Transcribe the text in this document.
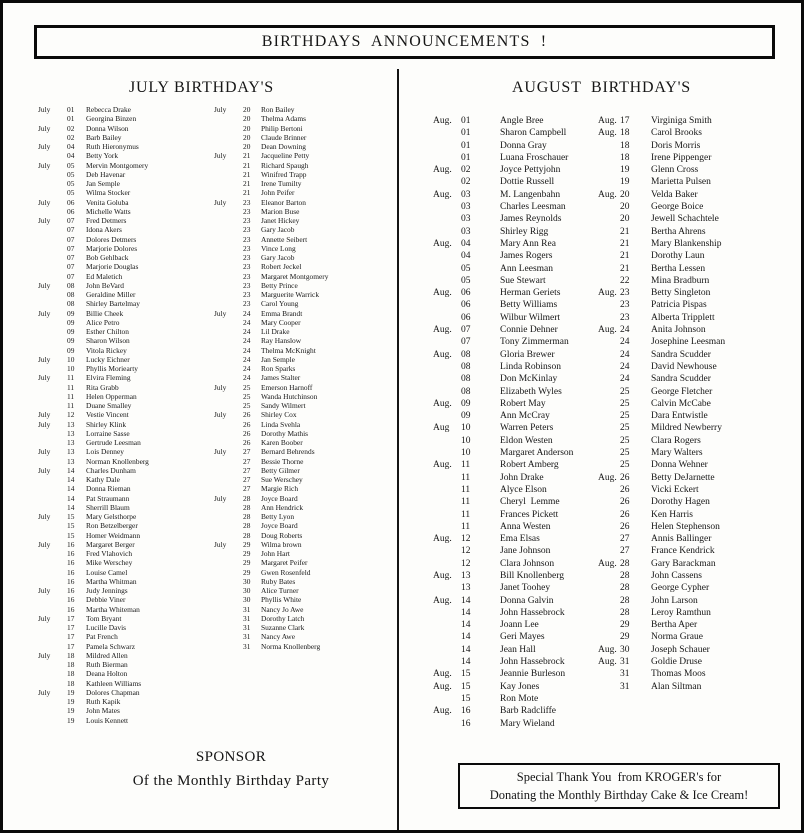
BIRTHDAYS ANNOUNCEMENTS !
JULY BIRTHDAY'S
July	01	Rebecca Drake
01	Georgina Binzen
July	02	Donna Wilson
02	Barb Bailey
July	04	Ruth Hieronymus
04	Betty York
July	05	Mervin Montgomery
05	Deb Havenar
05	Jan Semple
05	Wilma Stocker
July	06	Venita Goluba
06	Michelle Watts
July	07	Fred Detmers
07	Idona Akers
07	Dolores Detmers
07	Marjorie Dolores
07	Bob Gehlback
07	Marjorie Douglas
07	Ed Maletich
July	08	John BeVard
08	Geraldine Miller
08	Shirley Bartelmay
July	09	Billie Cheek
09	Alice Petro
09	Esther Chilton
09	Sharon Wilson
09	Vitola Rickey
July	10	Lucky Eichner
10	Phyllis Moriearty
July	11	Elvira Fleming
11	Rita Grabb
11	Helen Opperman
11	Duane Smalley
July	12	Vestie Vincent
July	13	Shirley Klink
13	Lorraine Sasse
13	Gertrude Leesman
July	13	Lois Denney
13	Norman Knollenberg
July	14	Charles Dunham
14	Kathy Dale
14	Donna Rieman
14	Pat Straumann
14	Sherrill Blaum
July	15	Mary Gelsthorpe
15	Ron Betzelberger
15	Homer Weidmann
July	16	Margaret Berger
16	Fred Vlahovich
16	Mike Werschey
16	Louise Camel
16	Martha Whitman
July	16	Judy Jennings
16	Debbie Viner
16	Martha Whiteman
July	17	Tom Bryant
17	Lucille Davis
17	Pat French
17	Pamela Schwarz
July	18	Mildred Allen
18	Ruth Bierman
18	Deana Holton
18	Kathleen Williams
July	19	Dolores Chapman
19	Ruth Kapik
19	John Mates
19	Louis Kennett
July	20	Ron Bailey
20	Thelma Adams
20	Philip Bertoni
20	Claude Brinner
20	Dean Downing
July	21	Jacqueline Petty
21	Richard Spaugh
21	Winifred Trapp
21	Irene Tumilty
21	John Peifer
July	23	Eleanor Barton
23	Marion Buse
23	Janet Hickey
23	Gary Jacob
23	Annette Seibert
23	Vince Long
23	Gary Jacob
23	Robert Jeckel
23	Margaret Montgomery
23	Betty Prince
23	Marguerite Warrick
23	Carol Young
July	24	Emma Brandt
24	Mary Cooper
24	Lil Drake
24	Ray Hanslow
24	Thelma McKnight
24	Jan Semple
24	Ron Sparks
24	James Stalter
July	25	Emerson Harnoff
25	Wanda Hutchinson
25	Sandy Wilmert
July	26	Shirley Cox
26	Linda Svehla
26	Dorothy Mathis
26	Karen Boober
July	27	Bernard Behrends
27	Bessie Thorne
27	Betty Gilmer
27	Sue Werschey
27	Margie Rich
July	28	Joyce Board
28	Ann Hendrick
28	Betty Lyon
28	Joyce Board
28	Doug Roberts
July	29	Wilma brown
29	John Hart
29	Margaret Peifer
29	Gwen Rosenfeld
30	Ruby Bates
30	Alice Turner
30	Phyllis White
31	Nancy Jo Awe
31	Dorothy Latch
31	Suzanne Clark
31	Nancy Awe
31	Norma Knollenberg
SPONSOR
Of the Monthly Birthday Party
AUGUST  BIRTHDAY'S
Aug. 01	Angle Bree
01	Sharon Campbell
01	Donna Gray
01	Luana Froschauer
Aug. 02	Joyce Pettyjohn
02	Dottie Russell
Aug. 03	M. Langenbahn
03	Charles Leesman
03	James Reynolds
03	Shirley Rigg
Aug. 04	Mary Ann Rea
04	James Rogers
05	Ann Leesman
05	Sue Stewart
Aug. 06	Herman Geriets
06	Betty Williams
06	Wilbur Wilmert
Aug. 07	Connie Dehner
07	Tony Zimmerman
Aug. 08	Gloria Brewer
08	Linda Robinson
08	Don McKinlay
08	Elizabeth Wyles
Aug. 09	Robert May
09	Ann McCray
Aug	10	Warren Peters
10	Eldon Westen
10	Margaret Anderson
Aug. 11	Robert Amberg
11	John Drake
11	Alyce Elson
11	Cheryl  Lemme
11	Frances Pickett
11	Anna Westen
Aug. 12	Ema Elsas
12	Jane Johnson
12	Clara Johnson
Aug. 13	Bill Knollenberg
13	Janet Toohey
Aug. 14	Donna Galvin
14	John Hassebrock
14	Joann Lee
14	Geri Mayes
14	Jean Hall
14	John Hassebrock
Aug. 15	Jeannie Burleson
Aug. 15	Kay Jones
15	Ron Mote
Aug. 16	Barb Radcliffe
16	Mary Wieland
Aug. 17	Virginiga Smith
Aug. 18	Carol Brooks
18	Doris Morris
18	Irene Pippenger
19	Glenn Cross
19	Marietta Pulsen
Aug. 20	Velda Baker
20	George Boice
20	Jewell Schachtele
21	Bertha Ahrens
21	Mary Blankenship
21	Dorothy Laun
21	Bertha Lessen
22	Mina Bradburn
Aug. 23	Betty Singleton
23	Patricia Pispas
23	Alberta Tripplett
Aug. 24	Anita Johnson
24	Josephine Leesman
24	Sandra Scudder
24	David Newhouse
24	Sandra Scudder
25	George Fletcher
25	Calvin McCabe
25	Dara Entwistle
25	Mildred Newberry
25	Clara Rogers
25	Mary Walters
25	Donna Wehner
Aug. 26	Betty DeJarnette
26	Vicki Eckert
26	Dorothy Hagen
26	Ken Harris
26	Helen Stephenson
27	Annis Ballinger
27	France Kendrick
Aug. 28	Gary Barackman
28	John Cassens
28	George Cypher
28	John Larson
28	Leroy Ramthun
29	Bertha Aper
29	Norma Graue
Aug. 30	Joseph Schauer
Aug. 31	Goldie Druse
31	Thomas Moos
31	Alan Siltman
Special Thank You  from KROGER's for
Donating the Monthly Birthday Cake & Ice Cream!
